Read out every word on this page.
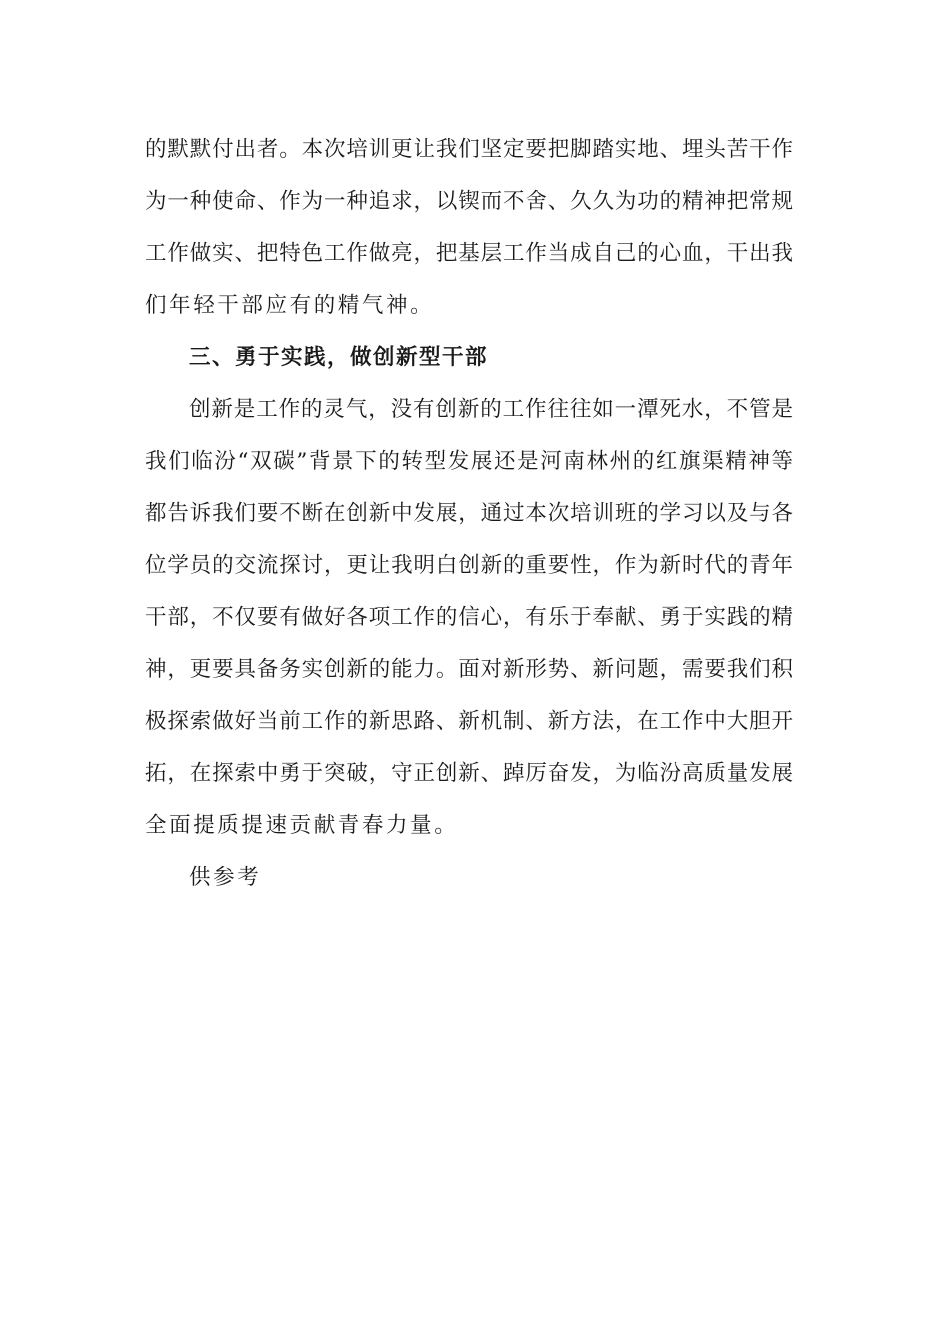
的默默付出者。本次培训更让我们坚定要把脚踏实地、埋头苦干作
为一种使命、作为一种追求，以锲而不舍、久久为功的精神把常规
工作做实、把特色工作做亮，把基层工作当成自己的心血，干出我
们年轻干部应有的精气神。
三、勇于实践，做创新型干部
创新是工作的灵气，没有创新的工作往往如一潭死水，不管是
我们临汾“双碳”背景下的转型发展还是河南林州的红旗渠精神等
都告诉我们要不断在创新中发展，通过本次培训班的学习以及与各
位学员的交流探讨，更让我明白创新的重要性，作为新时代的青年
干部，不仅要有做好各项工作的信心，有乐于奉献、勇于实践的精
神，更要具备务实创新的能力。面对新形势、新问题，需要我们积
极探索做好当前工作的新思路、新机制、新方法，在工作中大胆开
拓，在探索中勇于突破，守正创新、踔厉奋发，为临汾高质量发展
全面提质提速贡献青春力量。
供参考
